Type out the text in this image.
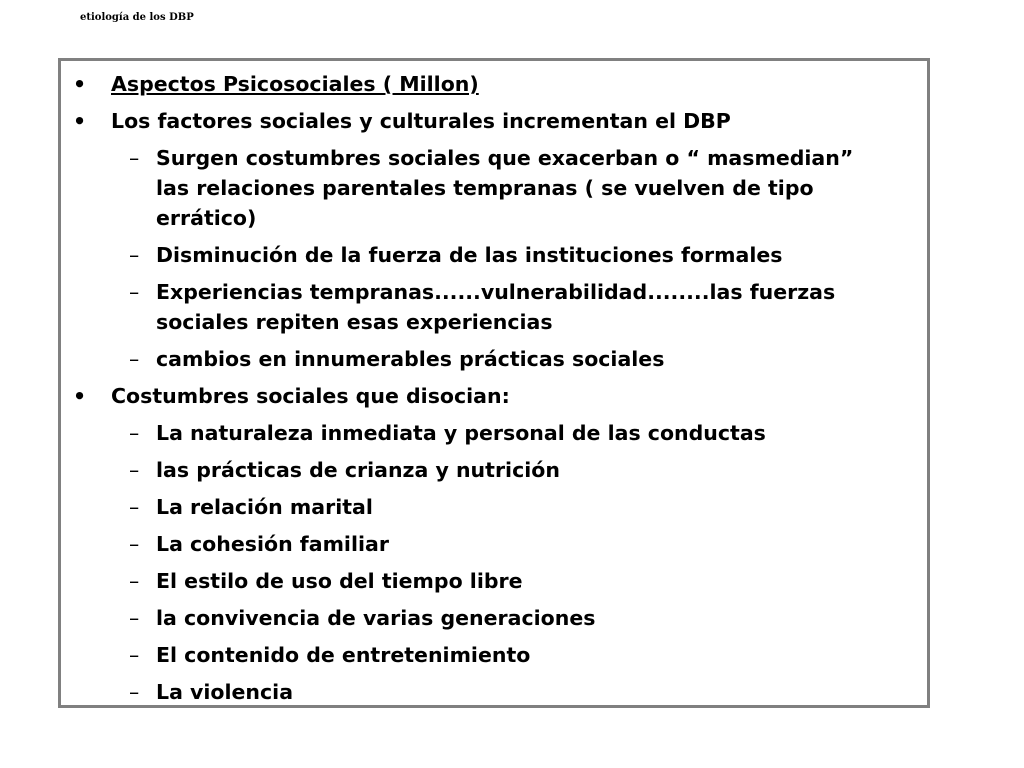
etiología de los DBP
• Aspectos Psicosociales ( Millon)
• Los factores sociales y culturales incrementan el DBP
– Surgen costumbres sociales que exacerban o “ masmedian”
las relaciones parentales tempranas ( se vuelven de tipo
errático)
– Disminución de la fuerza de las instituciones formales
– Experiencias tempranas......vulnerabilidad........las fuerzas
sociales repiten esas experiencias
– cambios en innumerables prácticas sociales
• Costumbres sociales que disocian:
– La naturaleza inmediata y personal de las conductas
– las prácticas de crianza y nutrición
– La relación marital
– La cohesión familiar
– El estilo de uso del tiempo libre
– la convivencia de varias generaciones
– El contenido de entretenimiento
– La violencia
